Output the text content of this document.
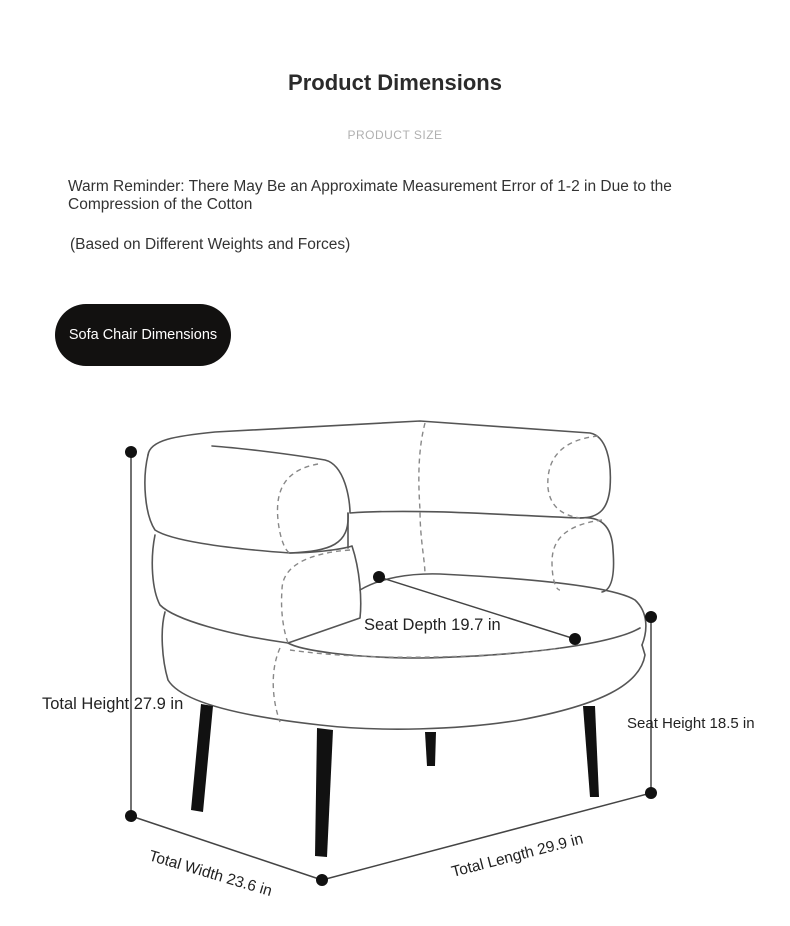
Product Dimensions
PRODUCT SIZE
Warm Reminder: There May Be an Approximate Measurement Error of 1-2 in Due to the Compression of the Cotton
(Based on Different Weights and Forces)
Sofa Chair Dimensions
Total Height 27.9 in
Seat Depth 19.7 in
Seat Height 18.5 in
Total Width 23.6 in	Total Length 29.9 in
